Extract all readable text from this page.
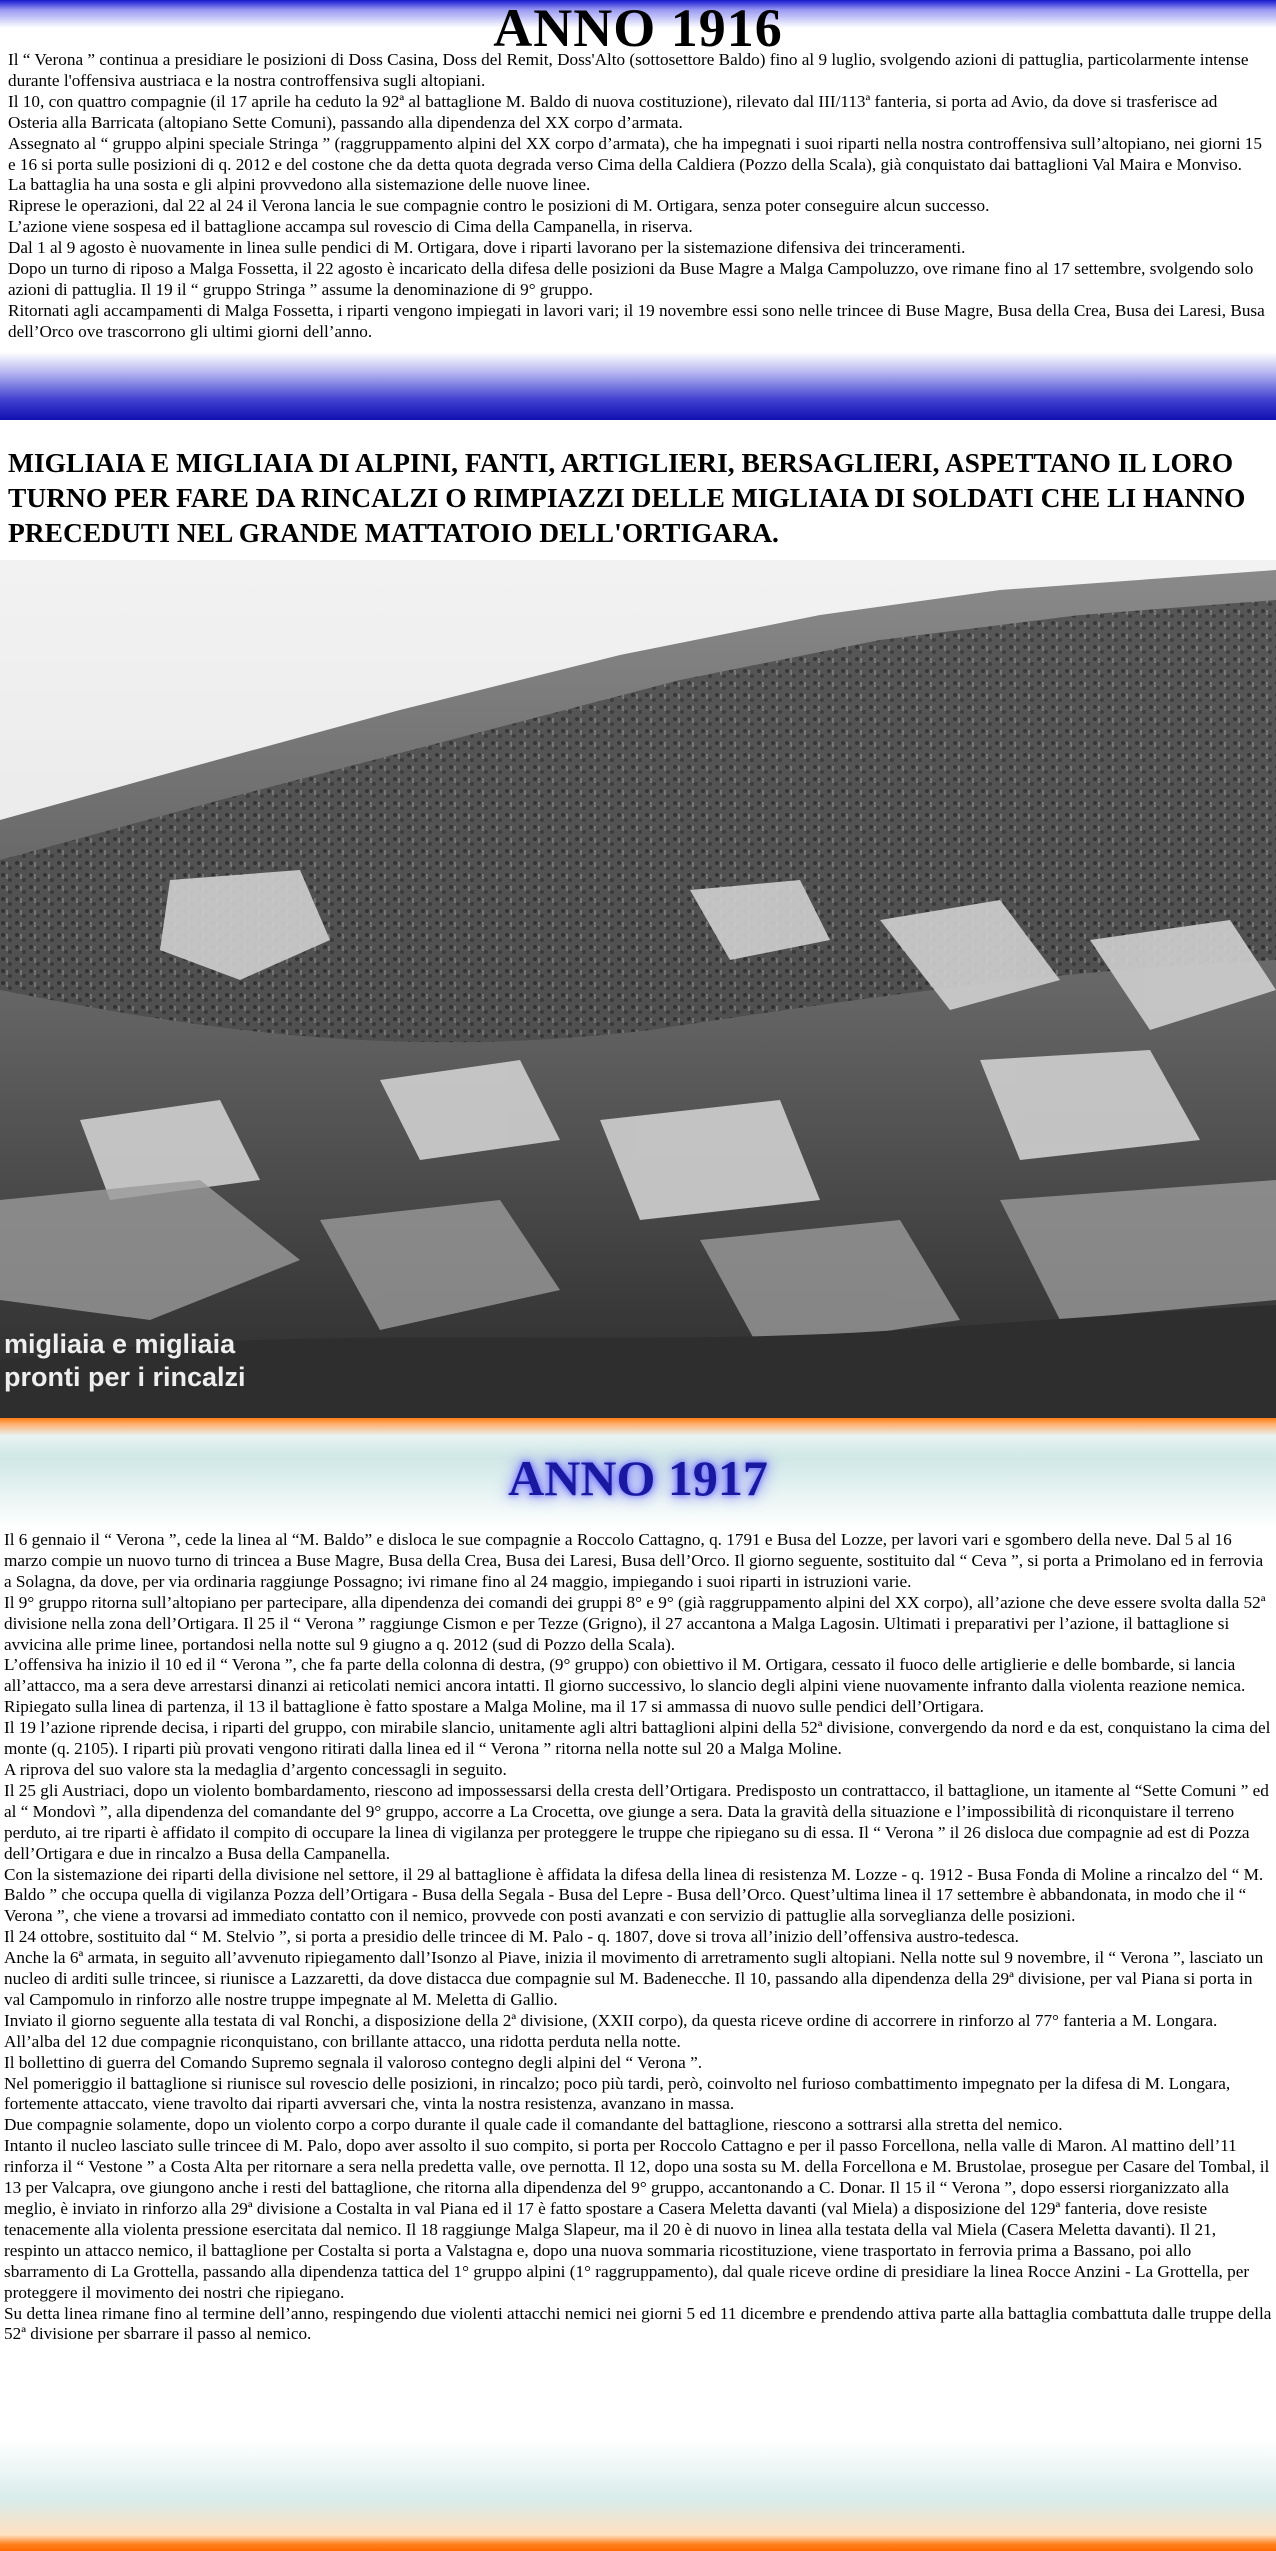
ANNO 1916

Il “ Verona ” continua a presidiare le posizioni di Doss Casina, Doss del Remit, Doss'Alto (sottosettore Baldo) fino al 9 luglio, svolgendo azioni di pattuglia, particolarmente intense durante l'offensiva austriaca e la nostra controffensiva sugli altopiani.

Il 10, con quattro compagnie (il 17 aprile ha ceduto la 92ª al battaglione M. Baldo di nuova costituzione), rilevato dal III/113ª fanteria, si porta ad Avio, da dove si trasferisce ad Osteria alla Barricata (altopiano Sette Comuni), passando alla dipendenza del XX corpo d’armata.

Assegnato al “ gruppo alpini speciale Stringa ” (raggruppamento alpini del XX corpo d’armata), che ha impegnati i suoi riparti nella nostra controffensiva sull’altopiano, nei giorni 15 e 16 si porta sulle posizioni di q. 2012 e del costone che da detta quota degrada verso Cima della Caldiera (Pozzo della Scala), già conquistato dai battaglioni Val Maira e Monviso.

La battaglia ha una sosta e gli alpini provvedono alla sistemazione delle nuove linee.

Riprese le operazioni, dal 22 al 24 il Verona lancia le sue compagnie contro le posizioni di M. Ortigara, senza poter conseguire alcun successo.

L’azione viene sospesa ed il battaglione accampa sul rovescio di Cima della Campanella, in riserva.

Dal 1 al 9 agosto è nuovamente in linea sulle pendici di M. Ortigara, dove i riparti lavorano per la sistemazione difensiva dei trinceramenti.

Dopo un turno di riposo a Malga Fossetta, il 22 agosto è incaricato della difesa delle posizioni da Buse Magre a Malga Campoluzzo, ove rimane fino al 17 settembre, svolgendo solo azioni di pattuglia. Il 19 il “ gruppo Stringa ” assume la denominazione di 9° gruppo.

Ritornati agli accampamenti di Malga Fossetta, i riparti vengono impiegati in lavori vari; il 19 novembre essi sono nelle trincee di Buse Magre, Busa della Crea, Busa dei Laresi, Busa dell’Orco ove trascorrono gli ultimi giorni dell’anno.

MIGLIAIA E MIGLIAIA DI ALPINI, FANTI, ARTIGLIERI, BERSAGLIERI, ASPETTANO IL LORO TURNO PER FARE DA RINCALZI O RIMPIAZZI DELLE MIGLIAIA DI SOLDATI CHE LI HANNO PRECEDUTI NEL GRANDE MATTATOIO DELL'ORTIGARA.
migliaia e migliaia
pronti per i rincalzi
ANNO 1917

Il 6 gennaio il “ Verona ”, cede la linea al “M. Baldo” e disloca le sue compagnie a Roccolo Cattagno, q. 1791 e Busa del Lozze, per lavori vari e sgombero della neve. Dal 5 al 16 marzo compie un nuovo turno di trincea a Buse Magre, Busa della Crea, Busa dei Laresi, Busa dell’Orco. Il giorno seguente, sostituito dal “ Ceva ”, si porta a Primolano ed in ferrovia a Solagna, da dove, per via ordinaria raggiunge Possagno; ivi rimane fino al 24 maggio, impiegando i suoi riparti in istruzioni varie.

Il 9° gruppo ritorna sull’altopiano per partecipare, alla dipendenza dei comandi dei gruppi 8° e 9° (già raggruppamento alpini del XX corpo), all’azione che deve essere svolta dalla 52ª divisione nella zona dell’Ortigara. Il 25 il “ Verona ” raggiunge Cismon e per Tezze (Grigno), il 27 accantona a Malga Lagosin. Ultimati i preparativi per l’azione, il battaglione si avvicina alle prime linee, portandosi nella notte sul 9 giugno a q. 2012 (sud di Pozzo della Scala).

L’offensiva ha inizio il 10 ed il “ Verona ”, che fa parte della colonna di destra, (9° gruppo) con obiettivo il M. Ortigara, cessato il fuoco delle artiglierie e delle bombarde, si lancia all’attacco, ma a sera deve arrestarsi dinanzi ai reticolati nemici ancora intatti. Il giorno successivo, lo slancio degli alpini viene nuovamente infranto dalla violenta reazione nemica. Ripiegato sulla linea di partenza, il 13 il battaglione è fatto spostare a Malga Moline, ma il 17 si ammassa di nuovo sulle pendici dell’Ortigara.

Il 19 l’azione riprende decisa, i riparti del gruppo, con mirabile slancio, unitamente agli altri battaglioni alpini della 52ª divisione, convergendo da nord e da est, conquistano la cima del monte (q. 2105). I riparti più provati vengono ritirati dalla linea ed il “ Verona ” ritorna nella notte sul 20 a Malga Moline.

A riprova del suo valore sta la medaglia d’argento concessagli in seguito.

Il 25 gli Austriaci, dopo un violento bombardamento, riescono ad impossessarsi della cresta dell’Ortigara. Predisposto un contrattacco, il battaglione, un itamente al “Sette Comuni ” ed al “ Mondovì ”, alla dipendenza del comandante del 9° gruppo, accorre a La Crocetta, ove giunge a sera. Data la gravità della situazione e l’impossibilità di riconquistare il terreno perduto, ai tre riparti è affidato il compito di occupare la linea di vigilanza per proteggere le truppe che ripiegano su di essa. Il “ Verona ” il 26 disloca due compagnie ad est di Pozza dell’Ortigara e due in rincalzo a Busa della Campanella.

Con la sistemazione dei riparti della divisione nel settore, il 29 al battaglione è affidata la difesa della linea di resistenza M. Lozze - q. 1912 - Busa Fonda di Moline a rincalzo del “ M. Baldo ” che occupa quella di vigilanza Pozza dell’Ortigara - Busa della Segala - Busa del Lepre - Busa dell’Orco. Quest’ultima linea il 17 settembre è abbandonata, in modo che il “ Verona ”, che viene a trovarsi ad immediato contatto con il nemico, provvede con posti avanzati e con servizio di pattuglie alla sorveglianza delle posizioni.

Il 24 ottobre, sostituito dal “ M. Stelvio ”, si porta a presidio delle trincee di M. Palo - q. 1807, dove si trova all’inizio dell’offensiva austro-tedesca.

Anche la 6ª armata, in seguito all’avvenuto ripiegamento dall’Isonzo al Piave, inizia il movimento di arretramento sugli altopiani. Nella notte sul 9 novembre, il “ Verona ”, lasciato un nucleo di arditi sulle trincee, si riunisce a Lazzaretti, da dove distacca due compagnie sul M. Badenecche. Il 10, passando alla dipendenza della 29ª divisione, per val Piana si porta in val Campomulo in rinforzo alle nostre truppe impegnate al M. Meletta di Gallio.

Inviato il giorno seguente alla testata di val Ronchi, a disposizione della 2ª divisione, (XXII corpo), da questa riceve ordine di accorrere in rinforzo al 77° fanteria a M. Longara. All’alba del 12 due compagnie riconquistano, con brillante attacco, una ridotta perduta nella notte.

Il bollettino di guerra del Comando Supremo segnala il valoroso contegno degli alpini del “ Verona ”.

Nel pomeriggio il battaglione si riunisce sul rovescio delle posizioni, in rincalzo; poco più tardi, però, coinvolto nel furioso combattimento impegnato per la difesa di M. Longara, fortemente attaccato, viene travolto dai riparti avversari che, vinta la nostra resistenza, avanzano in massa.

Due compagnie solamente, dopo un violento corpo a corpo durante il quale cade il comandante del battaglione, riescono a sottrarsi alla stretta del nemico.

Intanto il nucleo lasciato sulle trincee di M. Palo, dopo aver assolto il suo compito, si porta per Roccolo Cattagno e per il passo Forcellona, nella valle di Maron. Al mattino dell’11 rinforza il “ Vestone ” a Costa Alta per ritornare a sera nella predetta valle, ove pernotta. Il 12, dopo una sosta su M. della Forcellona e M. Brustolae, prosegue per Casare del Tombal, il 13 per Valcapra, ove giungono anche i resti del battaglione, che ritorna alla dipendenza del 9° gruppo, accantonando a C. Donar. Il 15 il “ Verona ”, dopo essersi riorganizzato alla meglio, è inviato in rinforzo alla 29ª divisione a Costalta in val Piana ed il 17 è fatto spostare a Casera Meletta davanti (val Miela) a disposizione del 129ª fanteria, dove resiste tenacemente alla violenta pressione esercitata dal nemico. Il 18 raggiunge Malga Slapeur, ma il 20 è di nuovo in linea alla testata della val Miela (Casera Meletta davanti). Il 21, respinto un attacco nemico, il battaglione per Costalta si porta a Valstagna e, dopo una nuova sommaria ricostituzione, viene trasportato in ferrovia prima a Bassano, poi allo sbarramento di La Grottella, passando alla dipendenza tattica del 1° gruppo alpini (1° raggruppamento), dal quale riceve ordine di presidiare la linea Rocce Anzini - La Grottella, per proteggere il movimento dei nostri che ripiegano.

Su detta linea rimane fino al termine dell’anno, respingendo due violenti attacchi nemici nei giorni 5 ed 11 dicembre e prendendo attiva parte alla battaglia combattuta dalle truppe della 52ª divisione per sbarrare il passo al nemico.
